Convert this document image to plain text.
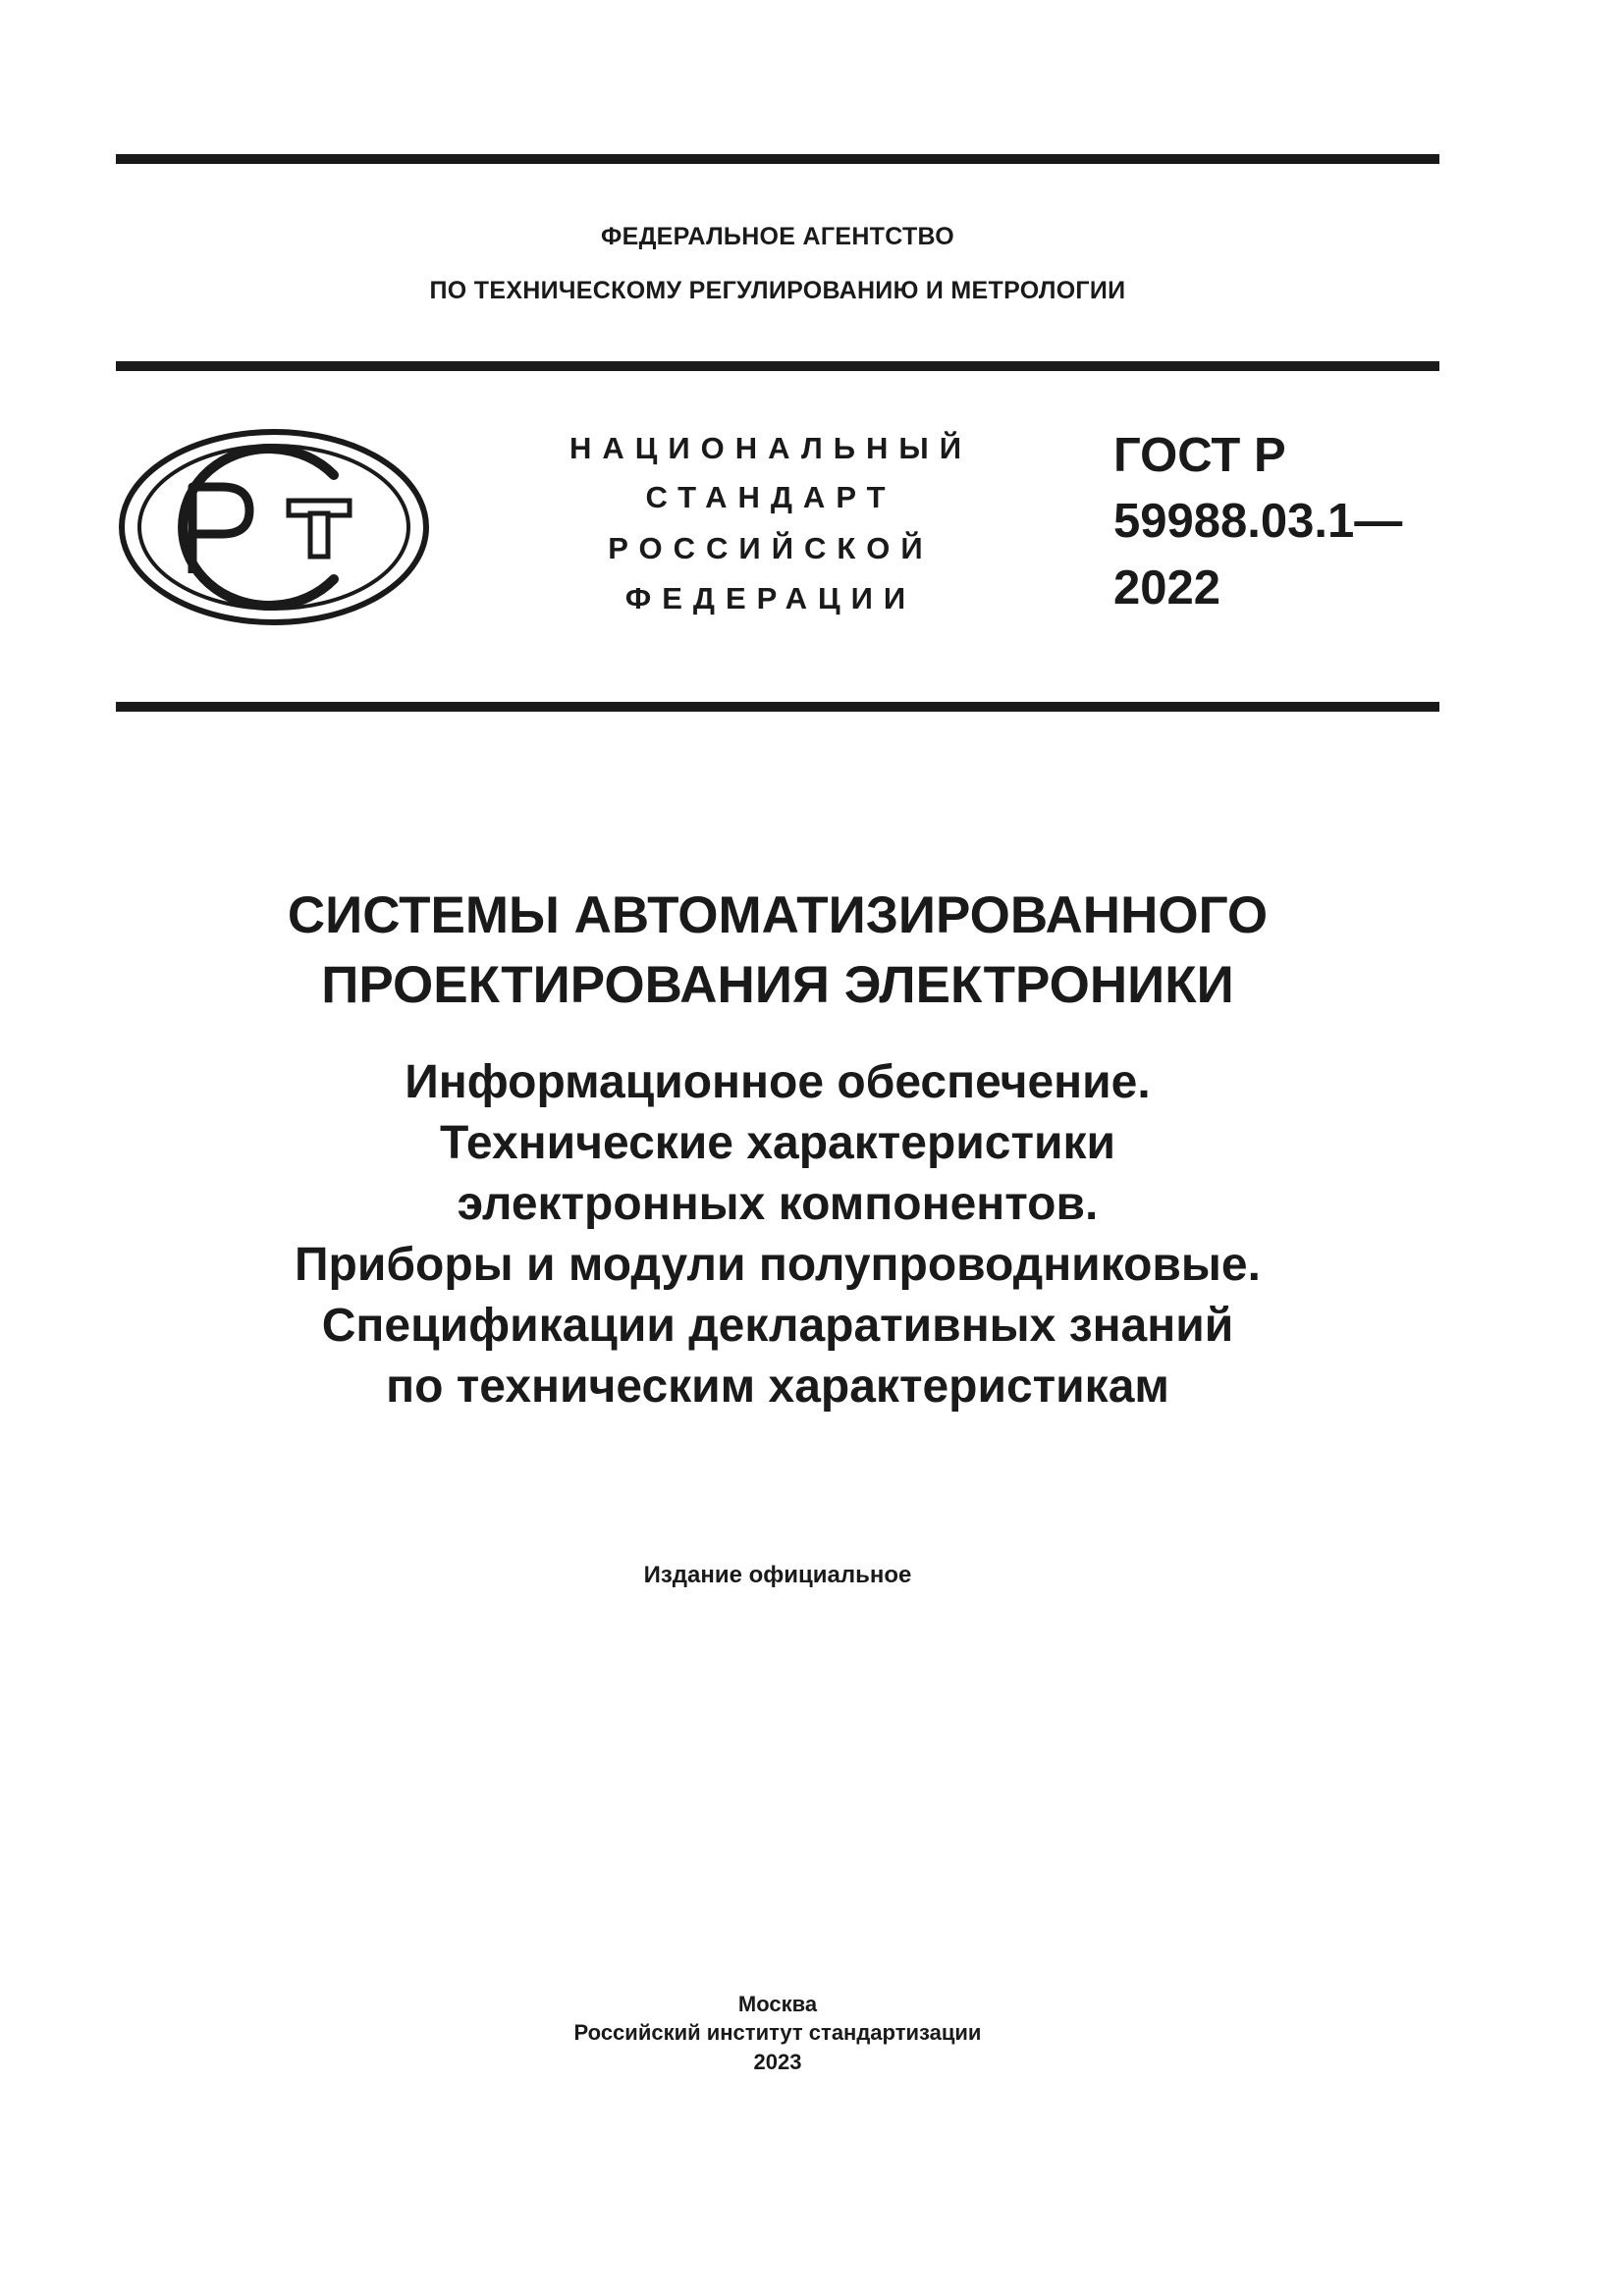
ФЕДЕРАЛЬНОЕ АГЕНТСТВО
ПО ТЕХНИЧЕСКОМУ РЕГУЛИРОВАНИЮ И МЕТРОЛОГИИ
НАЦИОНАЛЬНЫЙ
СТАНДАРТ
РОССИЙСКОЙ
ФЕДЕРАЦИИ
ГОСТ Р
59988.03.1—
2022
СИСТЕМЫ АВТОМАТИЗИРОВАННОГО
ПРОЕКТИРОВАНИЯ ЭЛЕКТРОНИКИ
Информационное обеспечение.
Технические характеристики
электронных компонентов.
Приборы и модули полупроводниковые.
Спецификации декларативных знаний
по техническим характеристикам
Издание официальное
Москва
Российский институт стандартизации
2023
